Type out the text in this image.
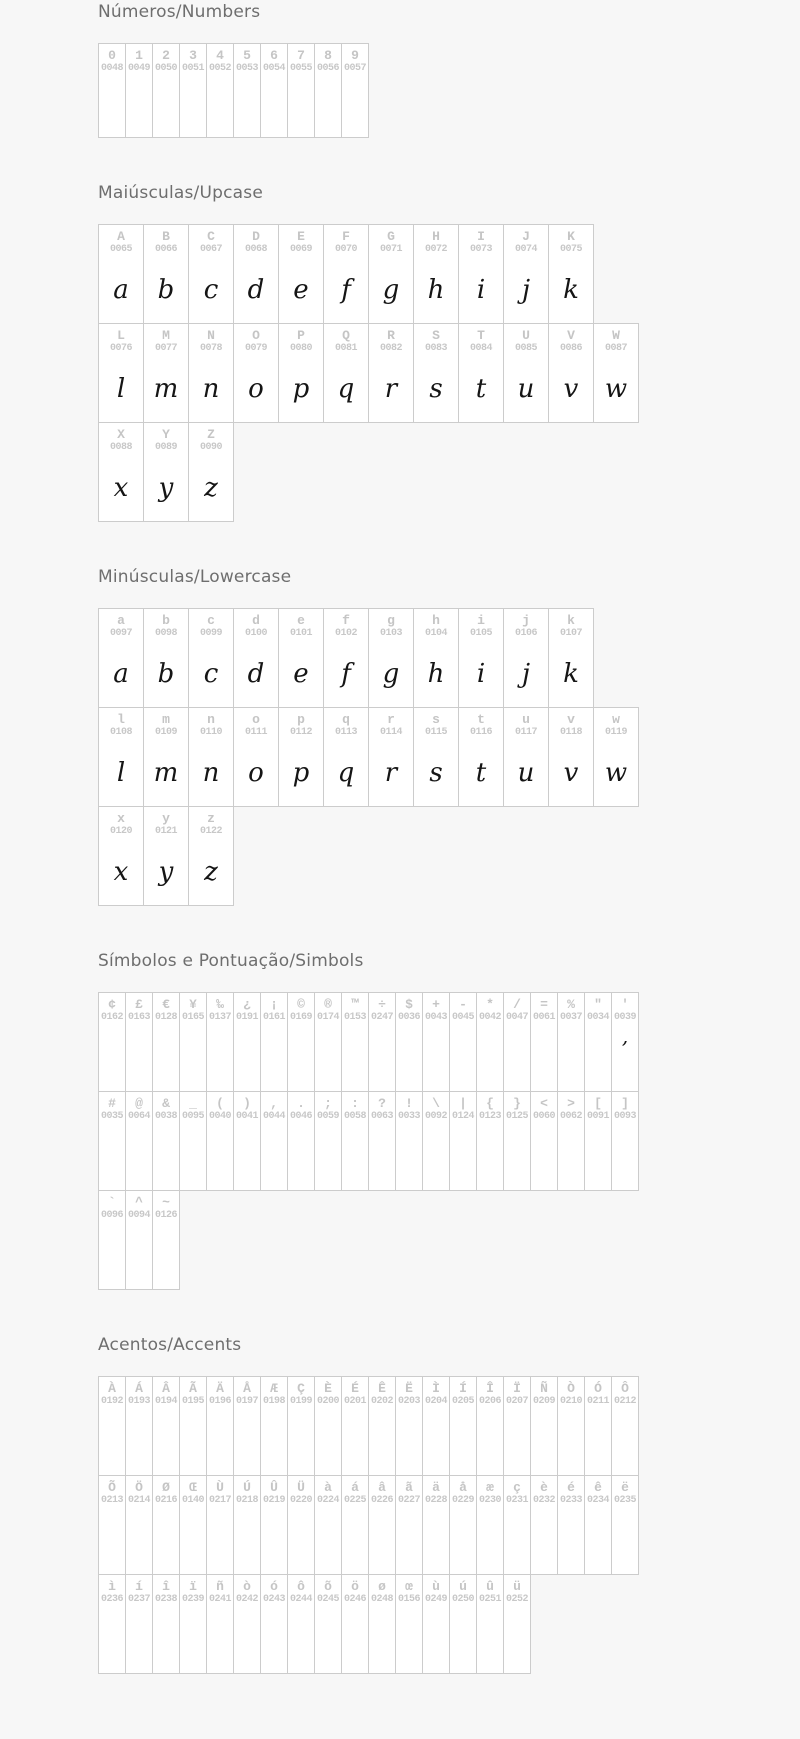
Números/Numbers
0
0048
1
0049
2
0050
3
0051
4
0052
5
0053
6
0054
7
0055
8
0056
9
0057
Maiúsculas/Upcase
A
0065
a
B
0066
b
C
0067
c
D
0068
d
E
0069
e
F
0070
f
G
0071
g
H
0072
h
I
0073
i
J
0074
j
K
0075
k
L
0076
l
M
0077
m
N
0078
n
O
0079
o
P
0080
p
Q
0081
q
R
0082
r
S
0083
s
T
0084
t
U
0085
u
V
0086
v
W
0087
w
X
0088
x
Y
0089
y
Z
0090
z
Minúsculas/Lowercase
a
0097
a
b
0098
b
c
0099
c
d
0100
d
e
0101
e
f
0102
f
g
0103
g
h
0104
h
i
0105
i
j
0106
j
k
0107
k
l
0108
l
m
0109
m
n
0110
n
o
0111
o
p
0112
p
q
0113
q
r
0114
r
s
0115
s
t
0116
t
u
0117
u
v
0118
v
w
0119
w
x
0120
x
y
0121
y
z
0122
z
Símbolos e Pontuação/Simbols
¢
0162
£
0163
€
0128
¥
0165
‰
0137
¿
0191
¡
0161
©
0169
®
0174
™
0153
÷
0247
$
0036
+
0043
-
0045
*
0042
/
0047
=
0061
%
0037
"
0034
'
0039
,
#
0035
@
0064
&
0038
_
0095
(
0040
)
0041
,
0044
.
0046
;
0059
:
0058
?
0063
!
0033
\
0092
|
0124
{
0123
}
0125
<
0060
>
0062
[
0091
]
0093
`
0096
^
0094
~
0126
Acentos/Accents
À
0192
Á
0193
Â
0194
Ã
0195
Ä
0196
Å
0197
Æ
0198
Ç
0199
È
0200
É
0201
Ê
0202
Ë
0203
Ì
0204
Í
0205
Î
0206
Ï
0207
Ñ
0209
Ò
0210
Ó
0211
Ô
0212
Õ
0213
Ö
0214
Ø
0216
Œ
0140
Ù
0217
Ú
0218
Û
0219
Ü
0220
à
0224
á
0225
â
0226
ã
0227
ä
0228
å
0229
æ
0230
ç
0231
è
0232
é
0233
ê
0234
ë
0235
ì
0236
í
0237
î
0238
ï
0239
ñ
0241
ò
0242
ó
0243
ô
0244
õ
0245
ö
0246
ø
0248
œ
0156
ù
0249
ú
0250
û
0251
ü
0252
